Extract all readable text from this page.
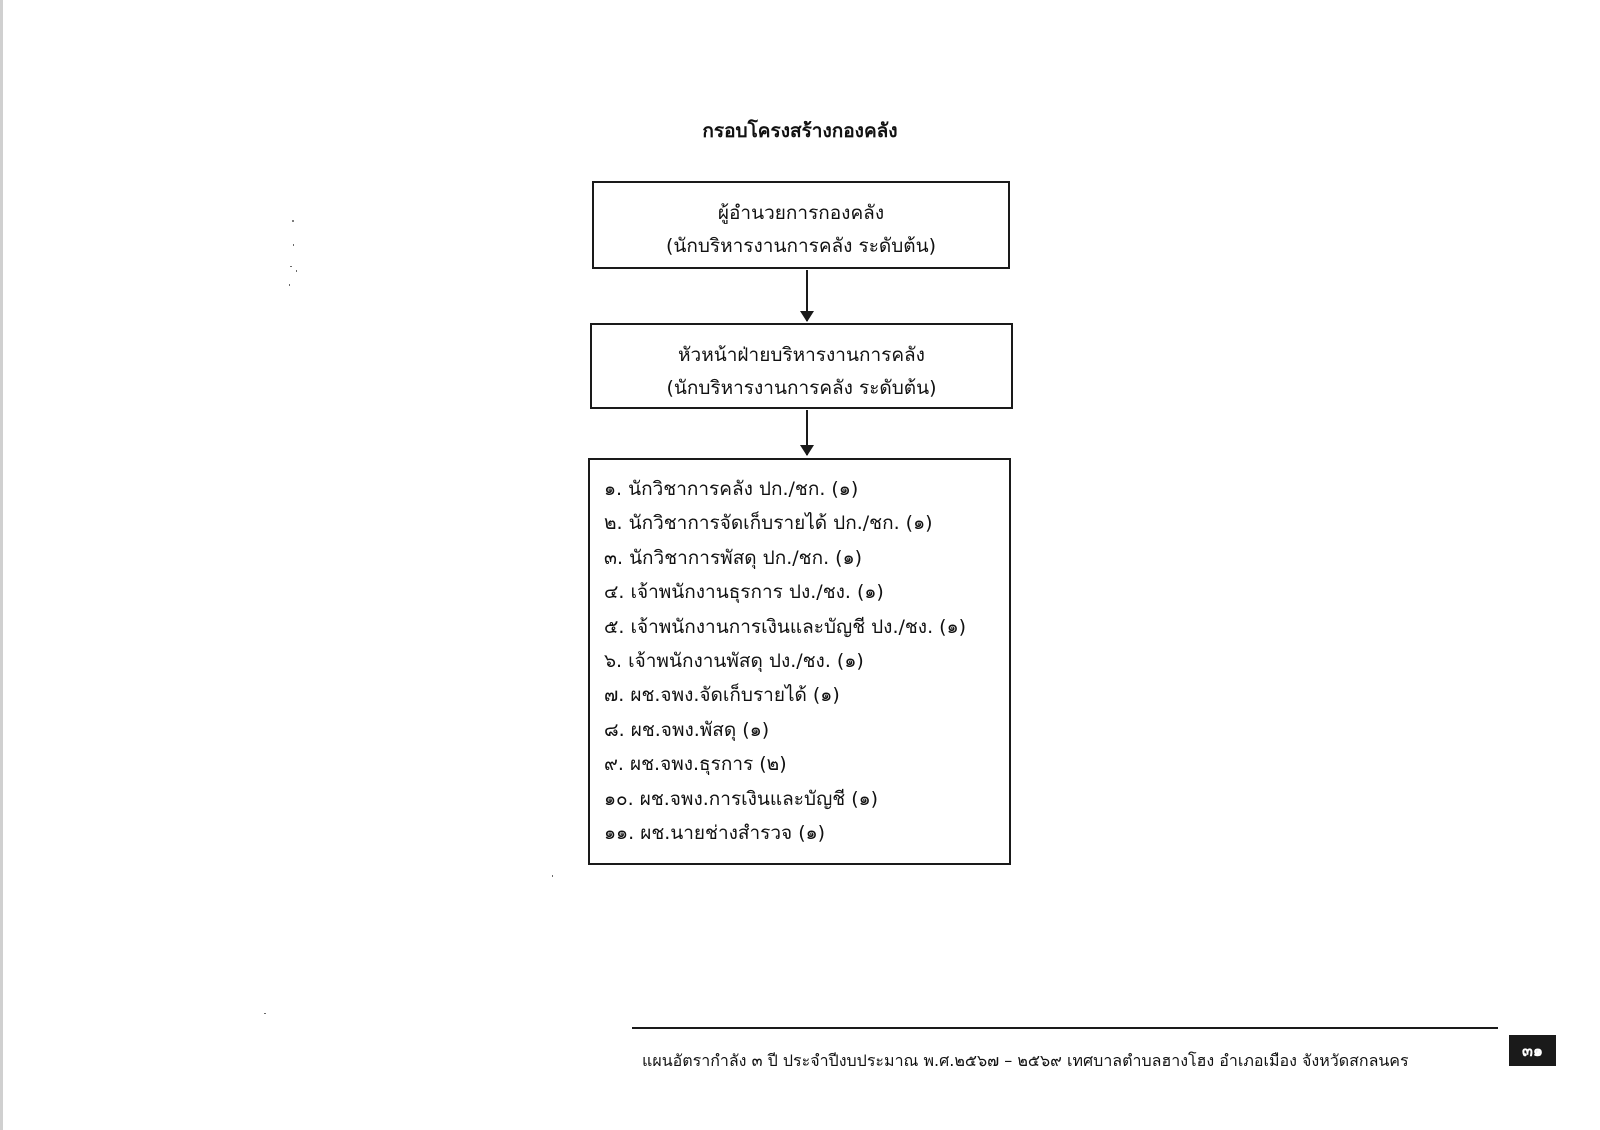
กรอบโครงสร้างกองคลัง
ผู้อำนวยการกองคลัง
(นักบริหารงานการคลัง ระดับต้น)
หัวหน้าฝ่ายบริหารงานการคลัง
(นักบริหารงานการคลัง ระดับต้น)
๑. นักวิชาการคลัง ปก./ชก. (๑)
๒. นักวิชาการจัดเก็บรายได้ ปก./ชก. (๑)
๓. นักวิชาการพัสดุ ปก./ชก. (๑)
๔. เจ้าพนักงานธุรการ ปง./ชง. (๑)
๕. เจ้าพนักงานการเงินและบัญชี ปง./ชง. (๑)
๖. เจ้าพนักงานพัสดุ ปง./ชง. (๑)
๗. ผช.จพง.จัดเก็บรายได้ (๑)
๘. ผช.จพง.พัสดุ (๑)
๙. ผช.จพง.ธุรการ (๒)
๑๐. ผช.จพง.การเงินและบัญชี (๑)
๑๑. ผช.นายช่างสำรวจ (๑)
แผนอัตรากำลัง ๓ ปี ประจำปีงบประมาณ พ.ศ.๒๕๖๗ – ๒๕๖๙ เทศบาลตำบลฮางโฮง อำเภอเมือง จังหวัดสกลนคร
๓๑
